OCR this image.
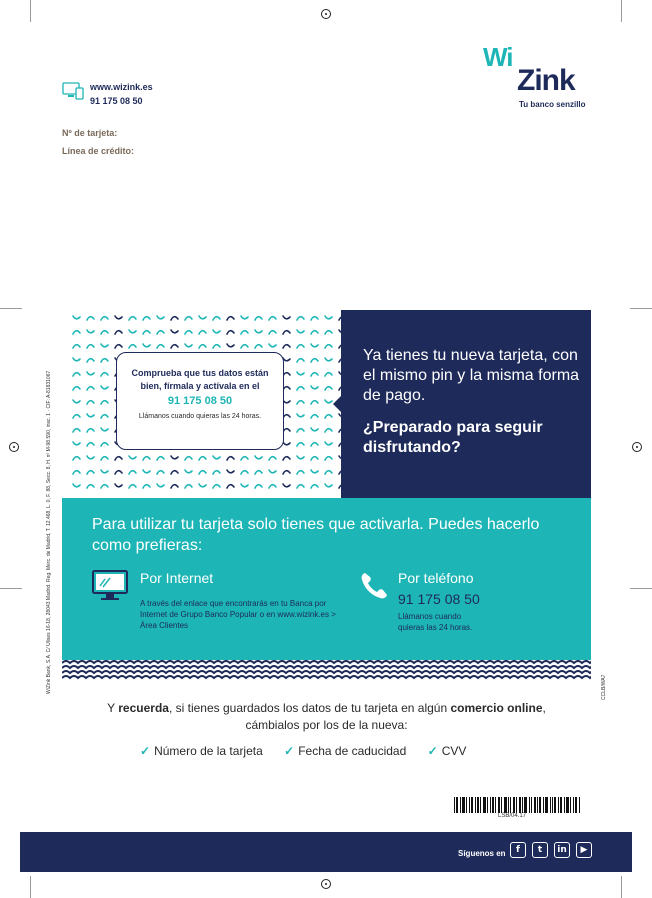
www.wizink.es
91 175 08 50
Wi
Zink
Tu banco senzillo
Nº de tarjeta:
Línea de crédito:
WiZink Bank, S.A. C/ Ulises 16-18, 28043 Madrid. Reg. Merc. de Madrid, T. 12.468, L. 0, F. 88, Secc. 8, H. nº M-98.590, insc. 1 · CIF: A-81831067	CCLB/WA7
Comprueba que tus datos están bien, fírmala y actívala en el
91 175 08 50
Llámanos cuando quieras las 24 horas.
Ya tienes tu nueva tarjeta, con el mismo pin y la misma forma de pago.
¿Preparado para seguir disfrutando?
Para utilizar tu tarjeta solo tienes que activarla. Puedes hacerlo como prefieras:
Por Internet
A través del enlace que encontrarás en tu Banca por Internet de Grupo Banco Popular o en www.wizink.es > Área Clientes
Por teléfono
91 175 08 50
Llámanos cuando quieras las 24 horas.
Y recuerda, si tienes guardados los datos de tu tarjeta en algún comercio online,
cámbialos por los de la nueva:
✓ Número de la tarjeta ✓ Fecha de caducidad ✓ CVV
LSB/04.17
Síguenos en	f	t	in	▶
